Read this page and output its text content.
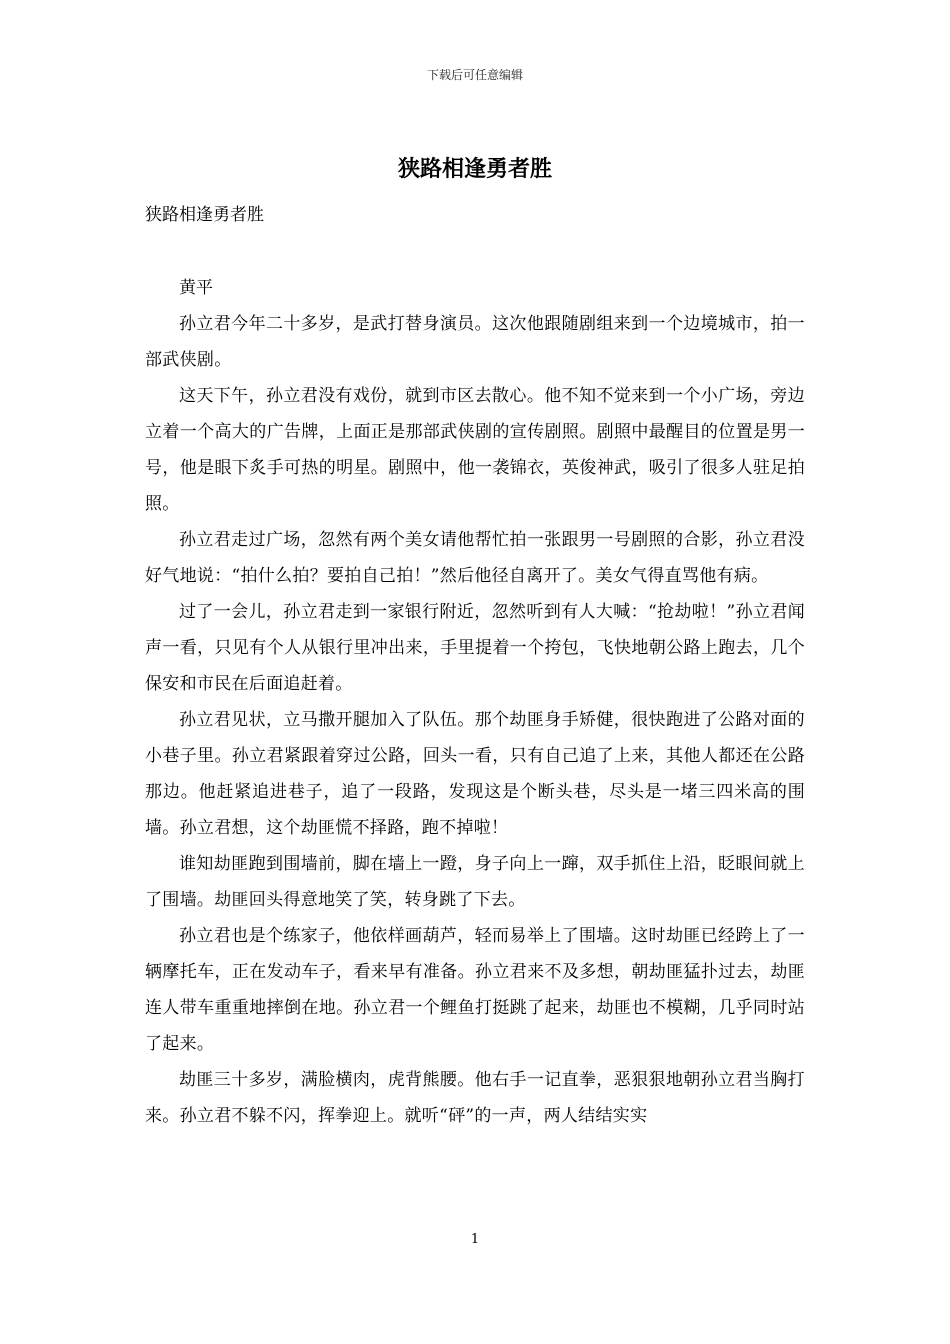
下载后可任意编辑
狭路相逢勇者胜
狭路相逢勇者胜

黄平

孙立君今年二十多岁，是武打替身演员。这次他跟随剧组来到一个边境城市，拍一部武侠剧。

这天下午，孙立君没有戏份，就到市区去散心。他不知不觉来到一个小广场，旁边立着一个高大的广告牌，上面正是那部武侠剧的宣传剧照。剧照中最醒目的位置是男一号，他是眼下炙手可热的明星。剧照中，他一袭锦衣，英俊神武，吸引了很多人驻足拍照。

孙立君走过广场，忽然有两个美女请他帮忙拍一张跟男一号剧照的合影，孙立君没好气地说：“拍什么拍？要拍自己拍！”然后他径自离开了。美女气得直骂他有病。

过了一会儿，孙立君走到一家银行附近，忽然听到有人大喊：“抢劫啦！”孙立君闻声一看，只见有个人从银行里冲出来，手里提着一个挎包，飞快地朝公路上跑去，几个保安和市民在后面追赶着。

孙立君见状，立马撒开腿加入了队伍。那个劫匪身手矫健，很快跑进了公路对面的小巷子里。孙立君紧跟着穿过公路，回头一看，只有自己追了上来，其他人都还在公路那边。他赶紧追进巷子，追了一段路，发现这是个断头巷，尽头是一堵三四米高的围墙。孙立君想，这个劫匪慌不择路，跑不掉啦！

谁知劫匪跑到围墙前，脚在墙上一蹬，身子向上一蹿，双手抓住上沿，眨眼间就上了围墙。劫匪回头得意地笑了笑，转身跳了下去。

孙立君也是个练家子，他依样画葫芦，轻而易举上了围墙。这时劫匪已经跨上了一辆摩托车，正在发动车子，看来早有准备。孙立君来不及多想，朝劫匪猛扑过去，劫匪连人带车重重地摔倒在地。孙立君一个鲤鱼打挺跳了起来，劫匪也不模糊，几乎同时站了起来。

劫匪三十多岁，满脸横肉，虎背熊腰。他右手一记直拳，恶狠狠地朝孙立君当胸打来。孙立君不躲不闪，挥拳迎上。就听“砰”的一声，两人结结实实

1
